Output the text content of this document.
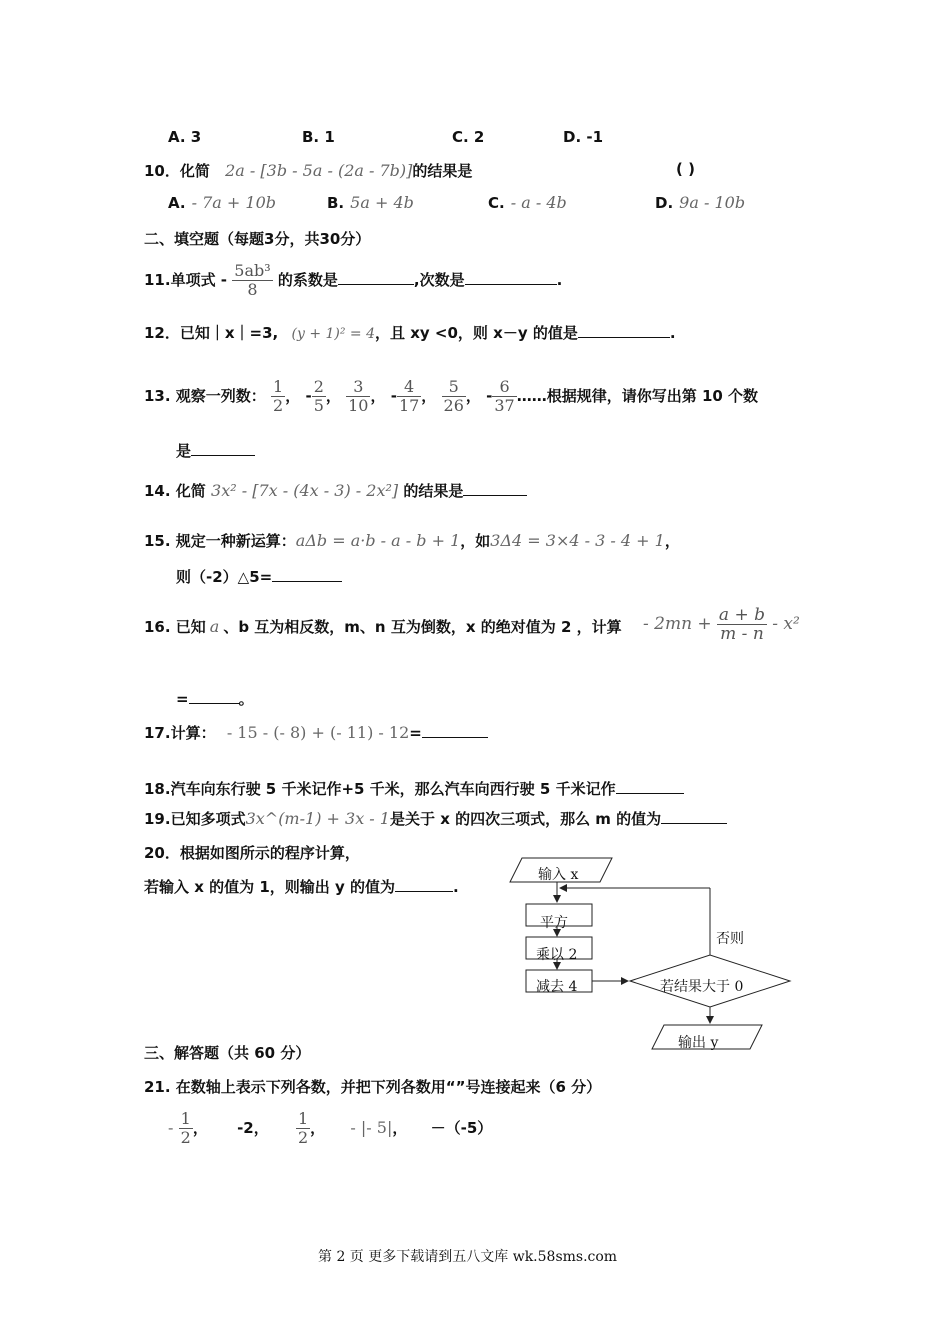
A. 3	B. 1	C. 2	D. -1
10．化简 2a - [3b - 5a - (2a - 7b)]的结果是	( )
A. - 7a + 10b	B. 5a + 4b	C. - a - 4b	D. 9a - 10b
二、填空题（每题3分，共30分）
11.单项式 - $\frac{\text{5ab³}}{8}$ 的系数是	,次数是	.
12．已知｜x｜=3, (y + 1)² = 4，且 xy <0，则 x－y 的值是	.
13. 观察一列数： $\frac{1}{2}$ ， - $\frac{2}{5}$ ， $\frac{3}{10}$ ， - $\frac{4}{17}$ ， $\frac{5}{26}$ ， - $\frac{6}{37}$ ……根据规律，请你写出第 10 个数
是
14. 化简 3x² - [7x - (4x - 3) - 2x²] 的结果是
15. 规定一种新运算：aΔb = a·b - a - b + 1，如3Δ4 = 3×4 - 3 - 4 + 1，
则（-2）△5=
16. 已知 a 、b 互为相反数，m、n 互为倒数，x 的绝对值为 2 ，计算 - $2mn + \frac{a + b}{m - n} - x^2$
=	。
17.计算： - 15 - (- 8) + (- 11) - 12=
18.汽车向东行驶 5 千米记作+5 千米，那么汽车向西行驶 5 千米记作
19.已知多项式3x^(m-1) + 3x - 1是关于 x 的四次三项式，那么 m 的值为
20．根据如图所示的程序计算，
若输入 x 的值为 1，则输出 y 的值为	.
输入 x
平方
乘以 2
减去 4	若结果大于 0
否则
输出 y
三、解答题（共 60 分）
21. 在数轴上表示下列各数，并把下列各数用“”号连接起来（6 分）
- $\frac{1}{2}$ ， -2， $\frac{1}{2}$ ， - |- 5|， －（-5）
第 2 页 更多下载请到五八文库 wk.58sms.com
